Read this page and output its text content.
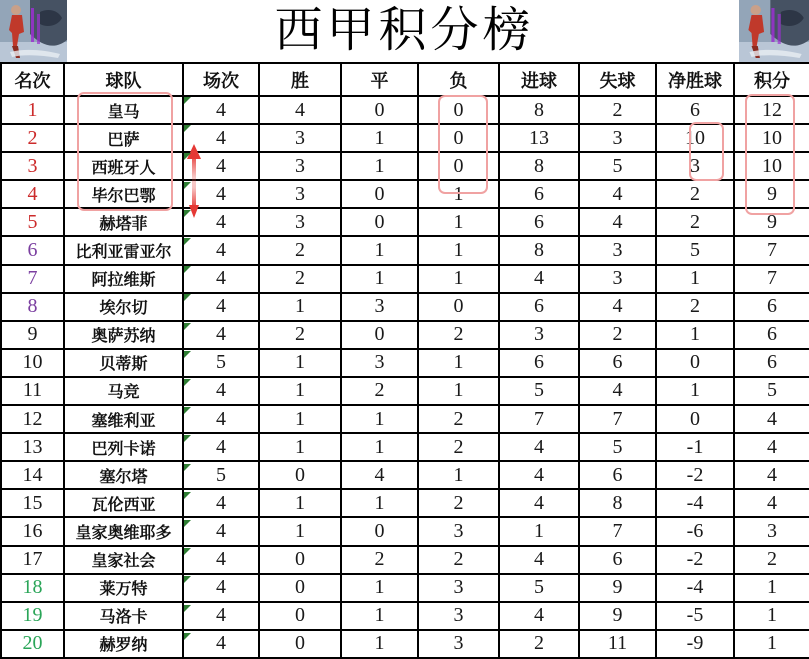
西甲积分榜
名次	球队	场次	胜	平	负	进球	失球	净胜球	积分
1	皇马	4	4	0	0	8	2	6	12
2	巴萨	4	3	1	0	13	3	10	10
3	西班牙人	4	3	1	0	8	5	3	10
4	毕尔巴鄂	4	3	0	1	6	4	2	9
5	赫塔菲	4	3	0	1	6	4	2	9
6	比利亚雷亚尔	4	2	1	1	8	3	5	7
7	阿拉维斯	4	2	1	1	4	3	1	7
8	埃尔切	4	1	3	0	6	4	2	6
9	奥萨苏纳	4	2	0	2	3	2	1	6
10	贝蒂斯	5	1	3	1	6	6	0	6
11	马竞	4	1	2	1	5	4	1	5
12	塞维利亚	4	1	1	2	7	7	0	4
13	巴列卡诺	4	1	1	2	4	5	-1	4
14	塞尔塔	5	0	4	1	4	6	-2	4
15	瓦伦西亚	4	1	1	2	4	8	-4	4
16	皇家奥维耶多	4	1	0	3	1	7	-6	3
17	皇家社会	4	0	2	2	4	6	-2	2
18	莱万特	4	0	1	3	5	9	-4	1
19	马洛卡	4	0	1	3	4	9	-5	1
20	赫罗纳	4	0	1	3	2	11	-9	1
